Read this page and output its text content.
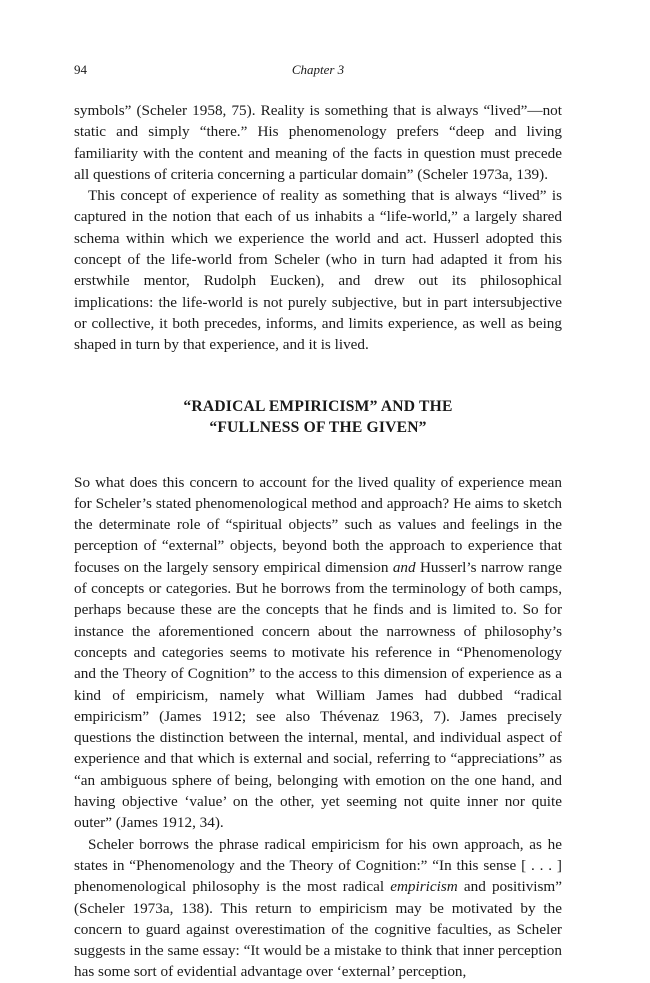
94	Chapter 3

symbols” (Scheler 1958, 75). Reality is something that is always “lived”—not static and simply “there.” His phenomenology prefers “deep and living familiarity with the content and meaning of the facts in question must precede all questions of criteria concerning a particular domain” (Scheler 1973a, 139).

This concept of experience of reality as something that is always “lived” is captured in the notion that each of us inhabits a “life-world,” a largely shared schema within which we experience the world and act. Husserl adopted this concept of the life-world from Scheler (who in turn had adapted it from his erstwhile mentor, Rudolph Eucken), and drew out its philosophical implications: the life-world is not purely subjective, but in part intersubjective or collective, it both precedes, informs, and limits experience, as well as being shaped in turn by that experience, and it is lived.

“RADICAL EMPIRICISM” AND THE
“FULLNESS OF THE GIVEN”

So what does this concern to account for the lived quality of experience mean for Scheler’s stated phenomenological method and approach? He aims to sketch the determinate role of “spiritual objects” such as values and feelings in the perception of “external” objects, beyond both the approach to experience that focuses on the largely sensory empirical dimension and Husserl’s narrow range of concepts or categories. But he borrows from the terminology of both camps, perhaps because these are the concepts that he finds and is limited to. So for instance the aforementioned concern about the narrowness of philosophy’s concepts and categories seems to motivate his reference in “Phenomenology and the Theory of Cognition” to the access to this dimension of experience as a kind of empiricism, namely what William James had dubbed “radical empiricism” (James 1912; see also Thévenaz 1963, 7). James precisely questions the distinction between the internal, mental, and individual aspect of experience and that which is external and social, referring to “appreciations” as “an ambiguous sphere of being, belonging with emotion on the one hand, and having objective ‘value’ on the other, yet seeming not quite inner nor quite outer” (James 1912, 34).

Scheler borrows the phrase radical empiricism for his own approach, as he states in “Phenomenology and the Theory of Cognition:” “In this sense [ . . . ] phenomenological philosophy is the most radical empiricism and positivism” (Scheler 1973a, 138). This return to empiricism may be motivated by the concern to guard against overestimation of the cognitive faculties, as Scheler suggests in the same essay: “It would be a mistake to think that inner perception has some sort of evidential advantage over ‘external’ perception,
